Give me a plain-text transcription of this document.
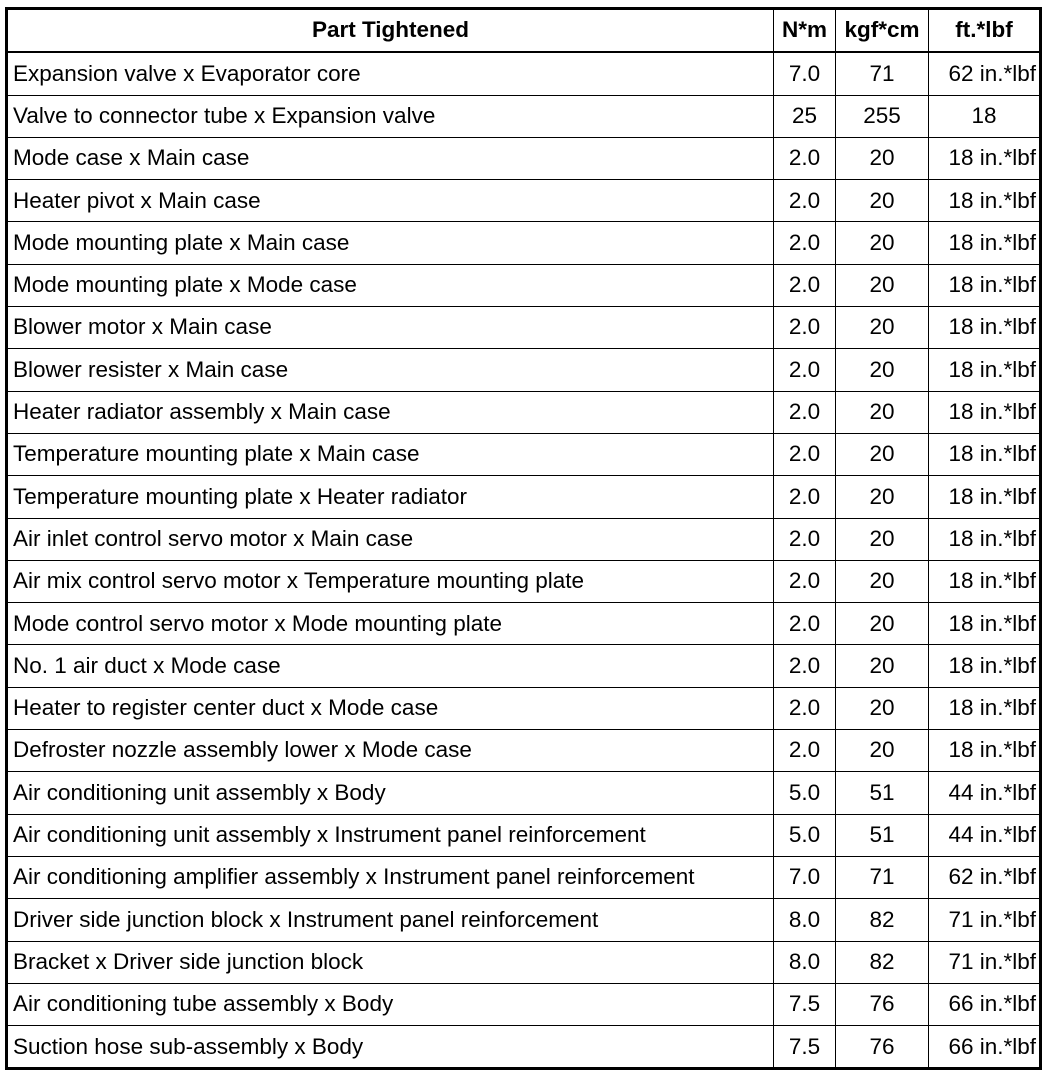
Part Tightened	N*m	kgf*cm	ft.*lbf
Expansion valve x Evaporator core	7.0	71	62 in.*lbf
Valve to connector tube x Expansion valve	25	255	18
Mode case x Main case	2.0	20	18 in.*lbf
Heater pivot x Main case	2.0	20	18 in.*lbf
Mode mounting plate x Main case	2.0	20	18 in.*lbf
Mode mounting plate x Mode case	2.0	20	18 in.*lbf
Blower motor x Main case	2.0	20	18 in.*lbf
Blower resister x Main case	2.0	20	18 in.*lbf
Heater radiator assembly x Main case	2.0	20	18 in.*lbf
Temperature mounting plate x Main case	2.0	20	18 in.*lbf
Temperature mounting plate x Heater radiator	2.0	20	18 in.*lbf
Air inlet control servo motor x Main case	2.0	20	18 in.*lbf
Air mix control servo motor x Temperature mounting plate	2.0	20	18 in.*lbf
Mode control servo motor x Mode mounting plate	2.0	20	18 in.*lbf
No. 1 air duct x Mode case	2.0	20	18 in.*lbf
Heater to register center duct x Mode case	2.0	20	18 in.*lbf
Defroster nozzle assembly lower x Mode case	2.0	20	18 in.*lbf
Air conditioning unit assembly x Body	5.0	51	44 in.*lbf
Air conditioning unit assembly x Instrument panel reinforcement	5.0	51	44 in.*lbf
Air conditioning amplifier assembly x Instrument panel reinforcement	7.0	71	62 in.*lbf
Driver side junction block x Instrument panel reinforcement	8.0	82	71 in.*lbf
Bracket x Driver side junction block	8.0	82	71 in.*lbf
Air conditioning tube assembly x Body	7.5	76	66 in.*lbf
Suction hose sub-assembly x Body	7.5	76	66 in.*lbf
